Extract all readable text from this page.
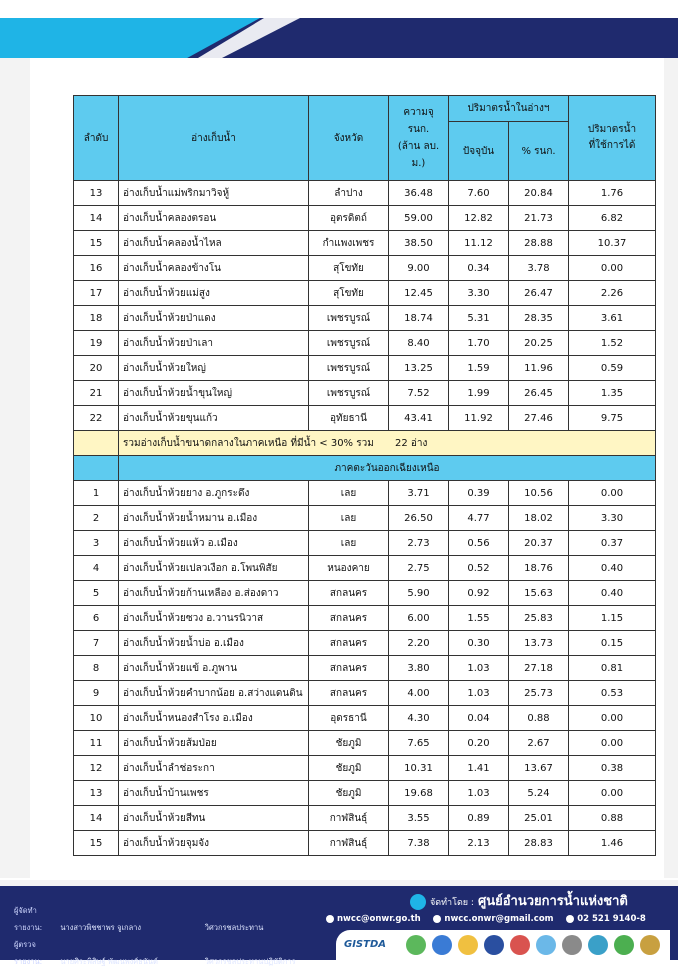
ลำดับ	อ่างเก็บน้ำ	จังหวัด	ความจุ
รนก.
(ล้าน ลบ.
ม.)	ปริมาตรน้ำในอ่างฯ		ปริมาตรน้ำ
ที่ใช้การได้
				ปัจจุบัน	% รนก.	
13	อ่างเก็บน้ำแม่พริกมาวิจหู้	ลำปาง	36.48	7.60	20.84	1.76
14	อ่างเก็บน้ำคลองตรอน	อุตรดิตถ์	59.00	12.82	21.73	6.82
15	อ่างเก็บน้ำคลองน้ำไหล	กำแพงเพชร	38.50	11.12	28.88	10.37
16	อ่างเก็บน้ำคลองข้างโน	สุโขทัย	9.00	0.34	3.78	0.00
17	อ่างเก็บน้ำห้วยแม่สูง	สุโขทัย	12.45	3.30	26.47	2.26
18	อ่างเก็บน้ำห้วยป่าแดง	เพชรบูรณ์	18.74	5.31	28.35	3.61
19	อ่างเก็บน้ำห้วยป่าเลา	เพชรบูรณ์	8.40	1.70	20.25	1.52
20	อ่างเก็บน้ำห้วยใหญ่	เพชรบูรณ์	13.25	1.59	11.96	0.59
21	อ่างเก็บน้ำห้วยน้ำขุนใหญ่	เพชรบูรณ์	7.52	1.99	26.45	1.35
22	อ่างเก็บน้ำห้วยขุนแก้ว	อุทัยธานี	43.41	11.92	27.46	9.75
	รวมอ่างเก็บน้ำขนาดกลางในภาคเหนือ ที่มีน้ำ < 30% รวม 22 อ่าง					
	ภาคตะวันออกเฉียงเหนือ					
1	อ่างเก็บน้ำห้วยยาง อ.ภูกระดึง	เลย	3.71	0.39	10.56	0.00
2	อ่างเก็บน้ำห้วยน้ำหมาน อ.เมือง	เลย	26.50	4.77	18.02	3.30
3	อ่างเก็บน้ำห้วยแห้ว อ.เมือง	เลย	2.73	0.56	20.37	0.37
4	อ่างเก็บน้ำห้วยเปลวเงือก อ.โพนพิสัย	หนองคาย	2.75	0.52	18.76	0.40
5	อ่างเก็บน้ำห้วยก้านเหลือง อ.ส่องดาว	สกลนคร	5.90	0.92	15.63	0.40
6	อ่างเก็บน้ำห้วยซวง อ.วานรนิวาส	สกลนคร	6.00	1.55	25.83	1.15
7	อ่างเก็บน้ำห้วยน้ำบ่อ อ.เมือง	สกลนคร	2.20	0.30	13.73	0.15
8	อ่างเก็บน้ำห้วยแข้ อ.ภูพาน	สกลนคร	3.80	1.03	27.18	0.81
9	อ่างเก็บน้ำห้วยคำบากน้อย อ.สว่างแดนดิน	สกลนคร	4.00	1.03	25.73	0.53
10	อ่างเก็บน้ำหนองสำโรง อ.เมือง	อุดรธานี	4.30	0.04	0.88	0.00
11	อ่างเก็บน้ำห้วยส้มป่อย	ชัยภูมิ	7.65	0.20	2.67	0.00
12	อ่างเก็บน้ำลำช่อระกา	ชัยภูมิ	10.31	1.41	13.67	0.38
13	อ่างเก็บน้ำบ้านเพชร	ชัยภูมิ	19.68	1.03	5.24	0.00
14	อ่างเก็บน้ำห้วยสีทน	กาฬสินธุ์	3.55	0.89	25.01	0.88
15	อ่างเก็บน้ำห้วยจุมจัง	กาฬสินธุ์	7.38	2.13	28.83	1.46
ผู้จัดทำรายงาน: นางสาวพิชชาพร จูเกลาง	วิศวกรชลประทาน
ผู้ตรวจรายงาน: นายศิระพิสิษฐ์ พัฒนพงศ์ธนันต์	วิศวกรชลประทานปฏิบัติการ
จัดทำโดย : ศูนย์อำนวยการน้ำแห่งชาติ
nwcc@onwr.go.th	nwcc.onwr@gmail.com	02 521 9140-8
GISTDA
